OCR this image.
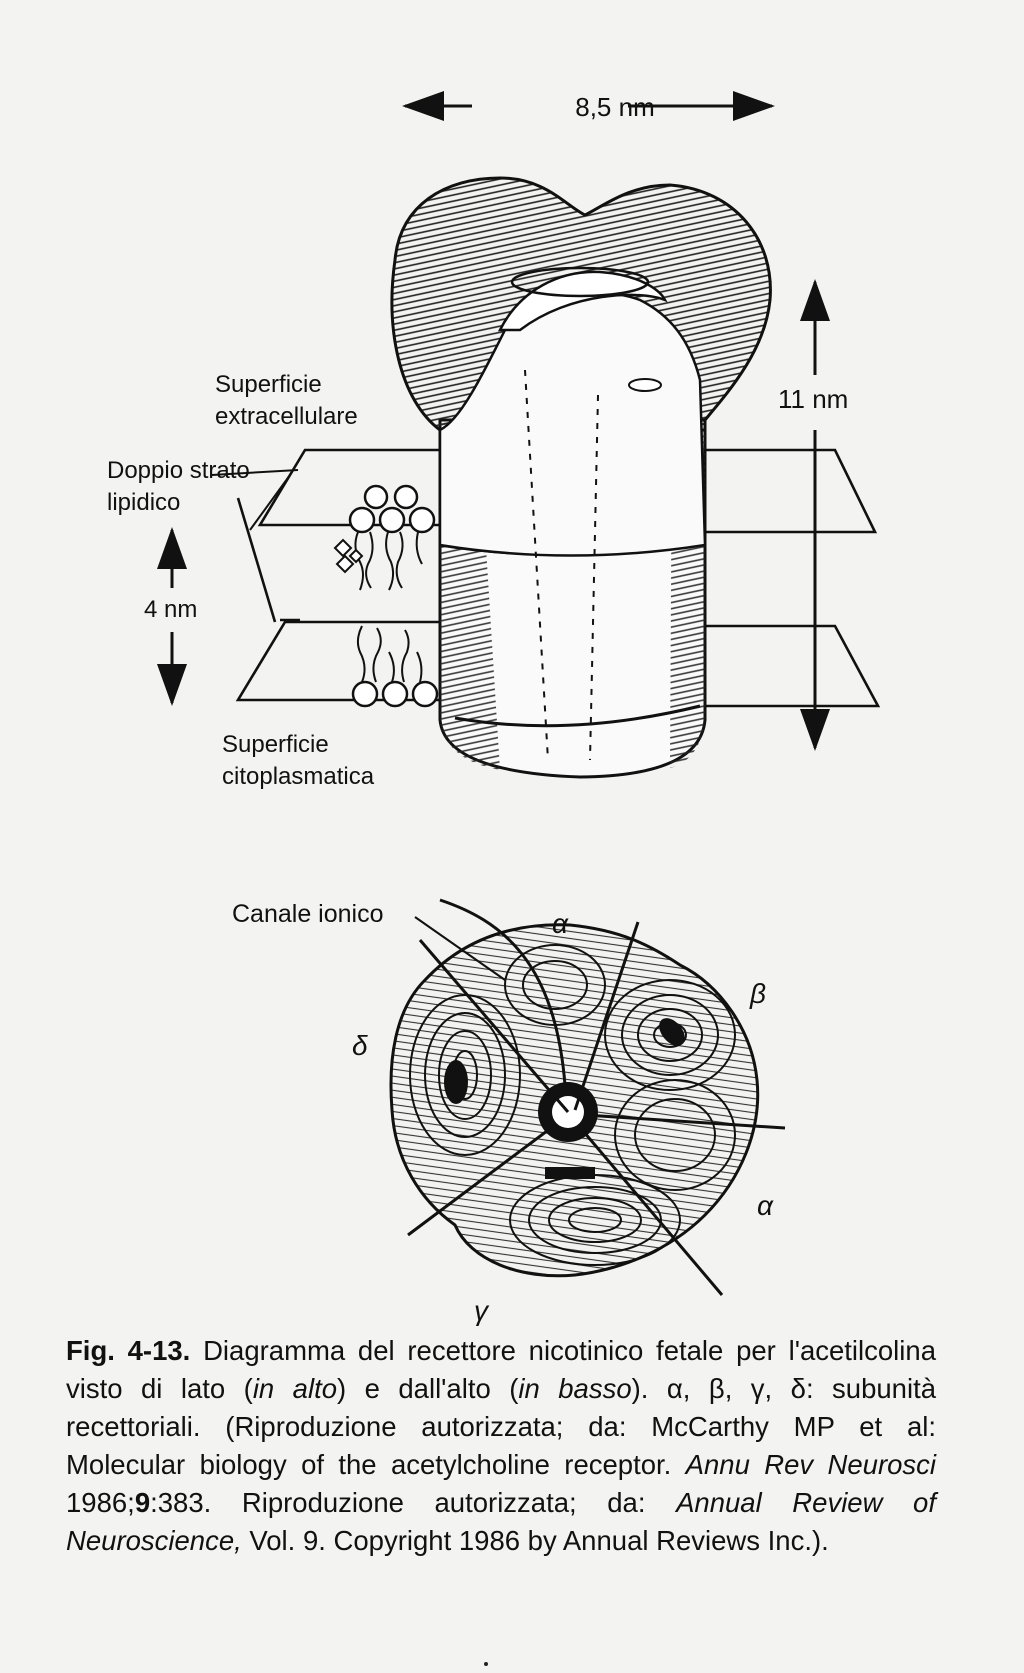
8,5 nm
11 nm
Superficie
extracellulare
Doppio strato
lipidico
4 nm
Superficie
citoplasmatica
Canale ionico	α
β
δ
α
γ
Fig. 4-13. Diagramma del recettore nicotinico fetale per l'acetilcolina visto di lato (in alto) e dall'alto (in basso). α, β, γ, δ: subunità recettoriali. (Riproduzione autorizzata; da: McCarthy MP et al: Molecular biology of the acetylcholine receptor. Annu Rev Neurosci 1986;9:383. Riproduzione autorizzata; da: Annual Review of Neuroscience, Vol. 9. Copyright 1986 by Annual Reviews Inc.).
